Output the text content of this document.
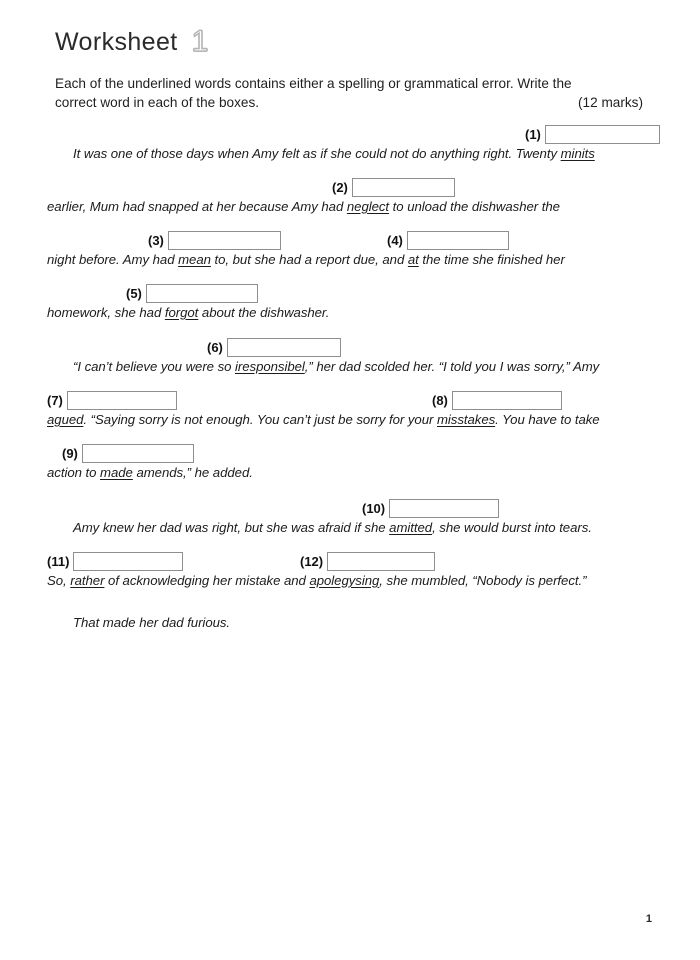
Worksheet 1
Each of the underlined words contains either a spelling or grammatical error. Write the
(12 marks)
correct word in each of the boxes.
(1)
It was one of those days when Amy felt as if she could not do anything right. Twenty minits
(2)
earlier, Mum had snapped at her because Amy had neglect to unload the dishwasher the
(3)	(4)
night before. Amy had mean to, but she had a report due, and at the time she finished her
(5)
homework, she had forgot about the dishwasher.
(6)
“I can’t believe you were so iresponsibel,” her dad scolded her. “I told you I was sorry,” Amy
(7)	(8)
agued. “Saying sorry is not enough. You can’t just be sorry for your misstakes. You have to take
(9)
action to made amends,” he added.
(10)
Amy knew her dad was right, but she was afraid if she amitted, she would burst into tears.
(11)	(12)
So, rather of acknowledging her mistake and apolegysing, she mumbled, “Nobody is perfect.”
That made her dad furious.
1
